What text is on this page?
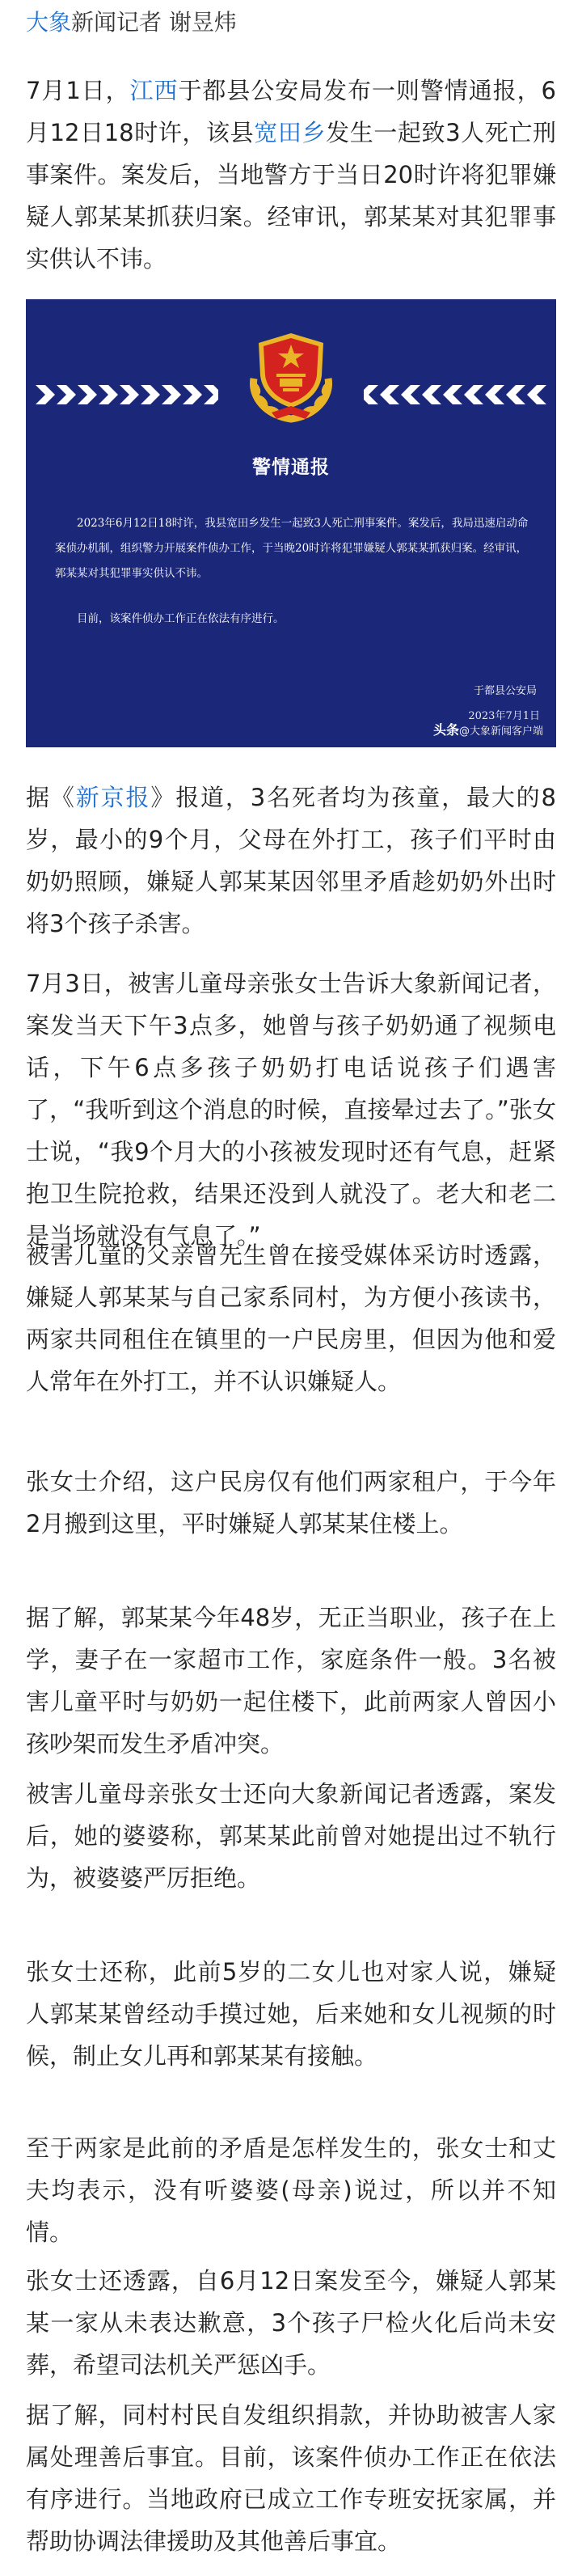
大象新闻记者 谢昱炜

7月1日，江西于都县公安局发布一则警情通报，6月12日18时许，该县宽田乡发生一起致3人死亡刑事案件。案发后，当地警方于当日20时许将犯罪嫌疑人郭某某抓获归案。经审讯，郭某某对其犯罪事实供认不讳。

警情通报

2023年6月12日18时许，我县宽田乡发生一起致3人死亡刑事案件。案发后，我局迅速启动命案侦办机制，组织警力开展案件侦办工作，于当晚20时许将犯罪嫌疑人郭某某抓获归案。经审讯，郭某某对其犯罪事实供认不讳。

目前，该案件侦办工作正在依法有序进行。

于都县公安局
2023年7月1日
头条@大象新闻客户端

据《新京报》报道，3名死者均为孩童，最大的8岁，最小的9个月，父母在外打工，孩子们平时由奶奶照顾，嫌疑人郭某某因邻里矛盾趁奶奶外出时将3个孩子杀害。

7月3日，被害儿童母亲张女士告诉大象新闻记者，案发当天下午3点多，她曾与孩子奶奶通了视频电话，下午6点多孩子奶奶打电话说孩子们遇害了，“我听到这个消息的时候，直接晕过去了。”张女士说，“我9个月大的小孩被发现时还有气息，赶紧抱卫生院抢救，结果还没到人就没了。老大和老二是当场就没有气息了。”

被害儿童的父亲曾先生曾在接受媒体采访时透露，嫌疑人郭某某与自己家系同村，为方便小孩读书，两家共同租住在镇里的一户民房里，但因为他和爱人常年在外打工，并不认识嫌疑人。

张女士介绍，这户民房仅有他们两家租户，于今年2月搬到这里，平时嫌疑人郭某某住楼上。

据了解，郭某某今年48岁，无正当职业，孩子在上学，妻子在一家超市工作，家庭条件一般。3名被害儿童平时与奶奶一起住楼下，此前两家人曾因小孩吵架而发生矛盾冲突。

被害儿童母亲张女士还向大象新闻记者透露，案发后，她的婆婆称，郭某某此前曾对她提出过不轨行为，被婆婆严厉拒绝。

张女士还称，此前5岁的二女儿也对家人说，嫌疑人郭某某曾经动手摸过她，后来她和女儿视频的时候，制止女儿再和郭某某有接触。

至于两家是此前的矛盾是怎样发生的，张女士和丈夫均表示，没有听婆婆(母亲)说过，所以并不知情。

张女士还透露，自6月12日案发至今，嫌疑人郭某某一家从未表达歉意，3个孩子尸检火化后尚未安葬，希望司法机关严惩凶手。

据了解，同村村民自发组织捐款，并协助被害人家属处理善后事宜。目前，该案件侦办工作正在依法有序进行。当地政府已成立工作专班安抚家属，并帮助协调法律援助及其他善后事宜。
